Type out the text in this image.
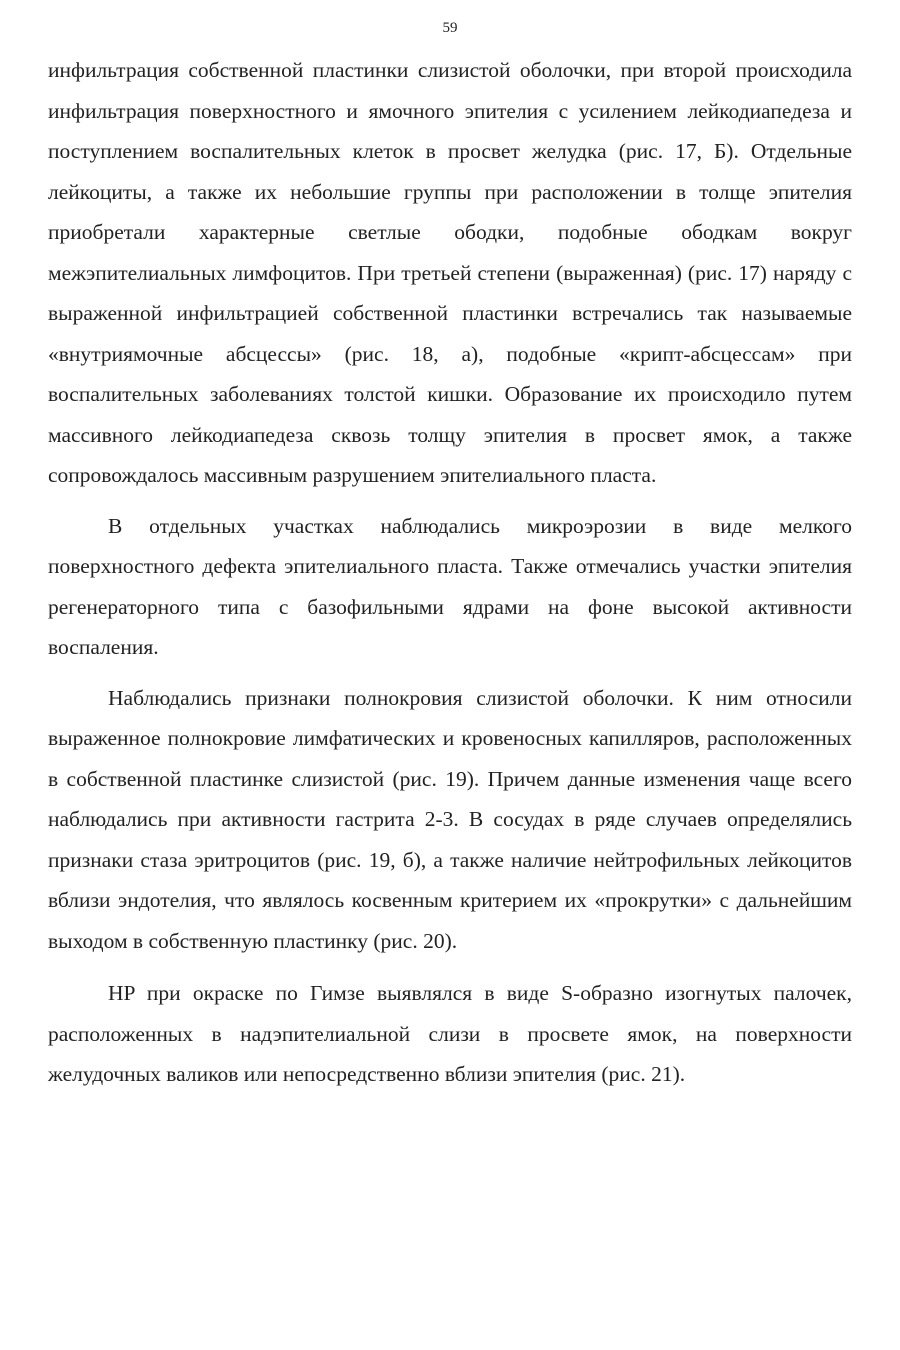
59

инфильтрация собственной пластинки слизистой оболочки, при второй происходила инфильтрация поверхностного и ямочного эпителия с усилением лейкодиапедеза и поступлением воспалительных клеток в просвет желудка (рис. 17, Б). Отдельные лейкоциты, а также их небольшие группы при расположении в толще эпителия приобретали характерные светлые ободки, подобные ободкам вокруг межэпителиальных лимфоцитов. При третьей степени (выраженная) (рис. 17) наряду с выраженной инфильтрацией собственной пластинки встречались так называемые «внутриямочные абсцессы» (рис. 18, а), подобные «крипт-абсцессам» при воспалительных заболеваниях толстой кишки. Образование их происходило путем массивного лейкодиапедеза сквозь толщу эпителия в просвет ямок, а также сопровождалось массивным разрушением эпителиального пласта.

В отдельных участках наблюдались микроэрозии в виде мелкого поверхностного дефекта эпителиального пласта. Также отмечались участки эпителия регенераторного типа с базофильными ядрами на фоне высокой активности воспаления.

Наблюдались признаки полнокровия слизистой оболочки. К ним относили выраженное полнокровие лимфатических и кровеносных капилляров, расположенных в собственной пластинке слизистой (рис. 19). Причем данные изменения чаще всего наблюдались при активности гастрита 2-3. В сосудах в ряде случаев определялись признаки стаза эритроцитов (рис. 19, б), а также наличие нейтрофильных лейкоцитов вблизи эндотелия, что являлось косвенным критерием их «прокрутки» с дальнейшим выходом в собственную пластинку (рис. 20).

HP при окраске по Гимзе выявлялся в виде S-образно изогнутых палочек, расположенных в надэпителиальной слизи в просвете ямок, на поверхности желудочных валиков или непосредственно вблизи эпителия (рис. 21).
